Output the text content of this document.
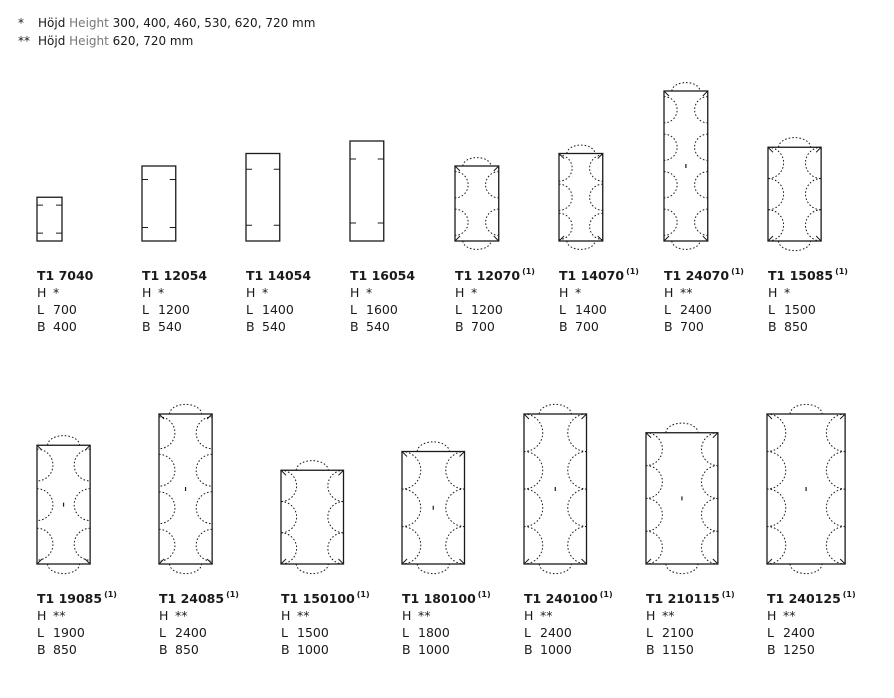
* Höjd Height 300, 400, 460, 530, 620, 720 mm
** Höjd Height 620, 720 mm
T1 7040
H *
L 700
B 400
T1 12054
H *
L 1200
B 540
T1 14054
H *
L 1400
B 540
T1 16054
H *
L 1600
B 540
T1 12070 $^{(1)}$
H *
L 1200
B 700
T1 14070 $^{(1)}$
H *
L 1400
B 700
T1 24070 $^{(1)}$
H **
L 2400
B 700
T1 15085 $^{(1)}$
H *
L 1500
B 850
T1 19085 $^{(1)}$
H **
L 1900
B 850
T1 24085 $^{(1)}$
H **
L 2400
B 850
T1 150100 $^{(1)}$
H **
L 1500
B 1000
T1 180100 $^{(1)}$
H **
L 1800
B 1000
T1 240100 $^{(1)}$
H **
L 2400
B 1000
T1 210115 $^{(1)}$
H **
L 2100
B 1150
T1 240125 $^{(1)}$
H **
L 2400
B 1250
